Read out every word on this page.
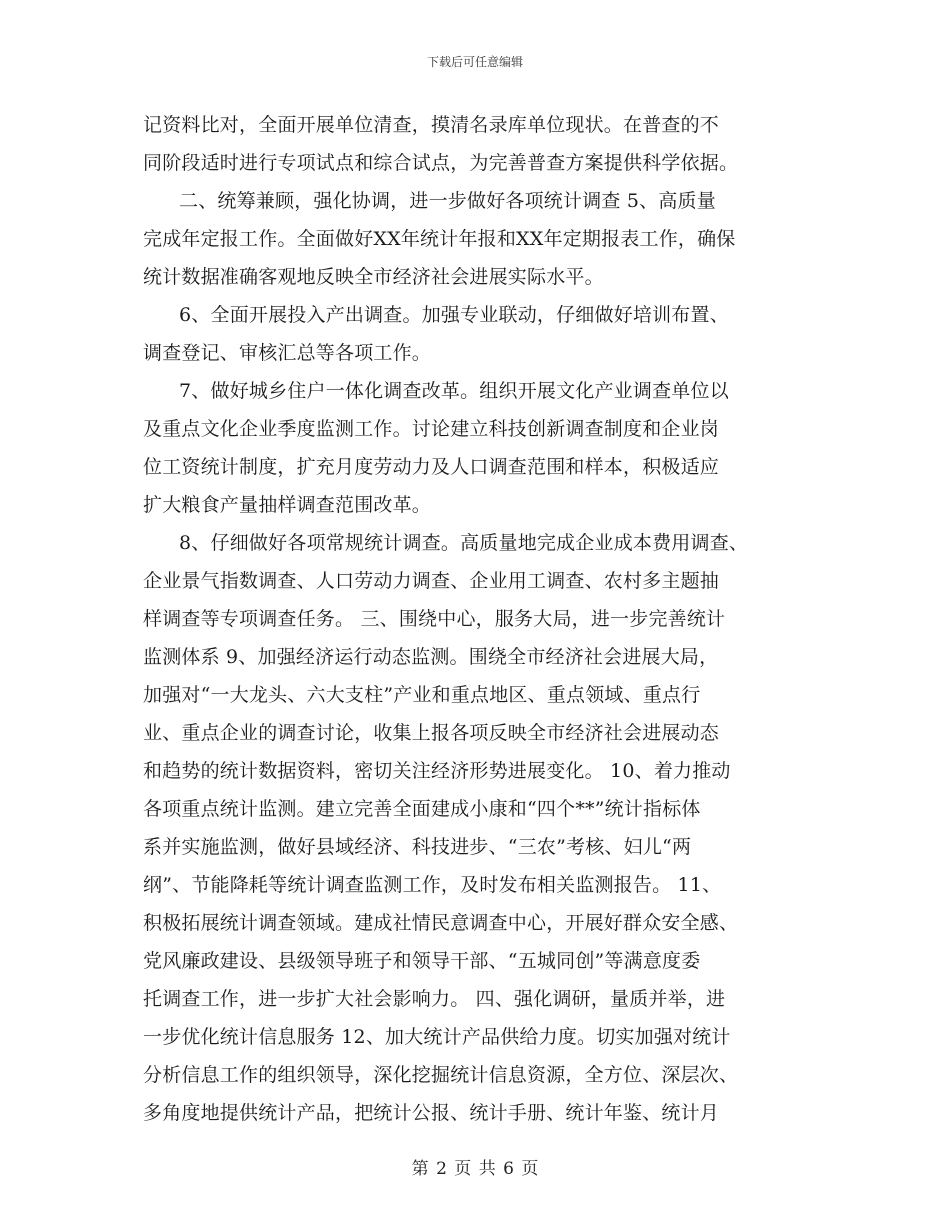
下载后可任意编辑
记资料比对，全面开展单位清查，摸清名录库单位现状。在普查的不
同阶段适时进行专项试点和综合试点，为完善普查方案提供科学依据。
二、统筹兼顾，强化协调，进一步做好各项统计调查 5、高质量
完成年定报工作。全面做好XX年统计年报和XX年定期报表工作，确保
统计数据准确客观地反映全市经济社会进展实际水平。
6、全面开展投入产出调查。加强专业联动，仔细做好培训布置、
调查登记、审核汇总等各项工作。
7、做好城乡住户一体化调查改革。组织开展文化产业调查单位以
及重点文化企业季度监测工作。讨论建立科技创新调查制度和企业岗
位工资统计制度，扩充月度劳动力及人口调查范围和样本，积极适应
扩大粮食产量抽样调查范围改革。
8、仔细做好各项常规统计调查。高质量地完成企业成本费用调查、
企业景气指数调查、人口劳动力调查、企业用工调查、农村多主题抽
样调查等专项调查任务。 三、围绕中心，服务大局，进一步完善统计
监测体系 9、加强经济运行动态监测。围绕全市经济社会进展大局，
加强对“一大龙头、六大支柱”产业和重点地区、重点领域、重点行
业、重点企业的调查讨论，收集上报各项反映全市经济社会进展动态
和趋势的统计数据资料，密切关注经济形势进展变化。 10、着力推动
各项重点统计监测。建立完善全面建成小康和“四个**”统计指标体
系并实施监测，做好县域经济、科技进步、“三农”考核、妇儿“两
纲”、节能降耗等统计调查监测工作，及时发布相关监测报告。 11、
积极拓展统计调查领域。建成社情民意调查中心，开展好群众安全感、
党风廉政建设、县级领导班子和领导干部、“五城同创”等满意度委
托调查工作，进一步扩大社会影响力。 四、强化调研，量质并举，进
一步优化统计信息服务 12、加大统计产品供给力度。切实加强对统计
分析信息工作的组织领导，深化挖掘统计信息资源，全方位、深层次、
多角度地提供统计产品，把统计公报、统计手册、统计年鉴、统计月
第 2 页 共 6 页
